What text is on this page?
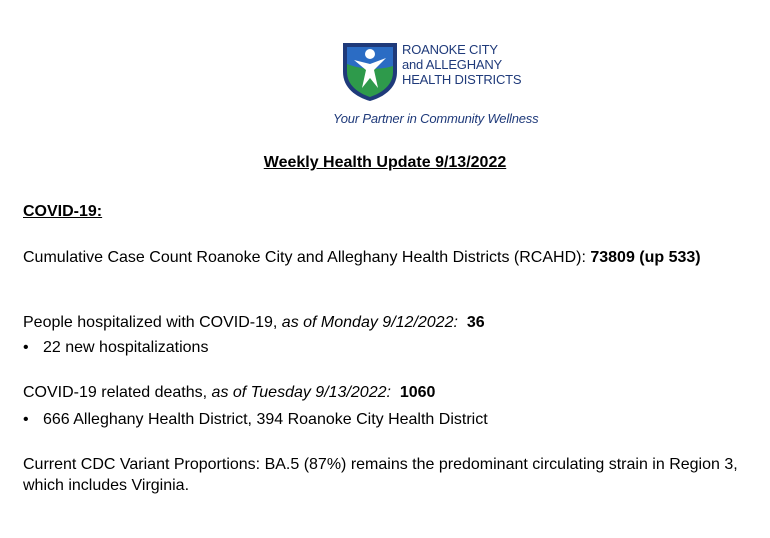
ROANOKE CITY
and ALLEGHANY
HEALTH DISTRICTS
Your Partner in Community Wellness
Weekly Health Update 9/13/2022
COVID-19:
Cumulative Case Count Roanoke City and Alleghany Health Districts (RCAHD): 73809 (up 533)
People hospitalized with COVID-19, as of Monday 9/12/2022: 36
• 22 new hospitalizations
COVID-19 related deaths, as of Tuesday 9/13/2022: 1060
• 666 Alleghany Health District, 394 Roanoke City Health District
Current CDC Variant Proportions: BA.5 (87%) remains the predominant circulating strain in Region 3, which includes Virginia.
